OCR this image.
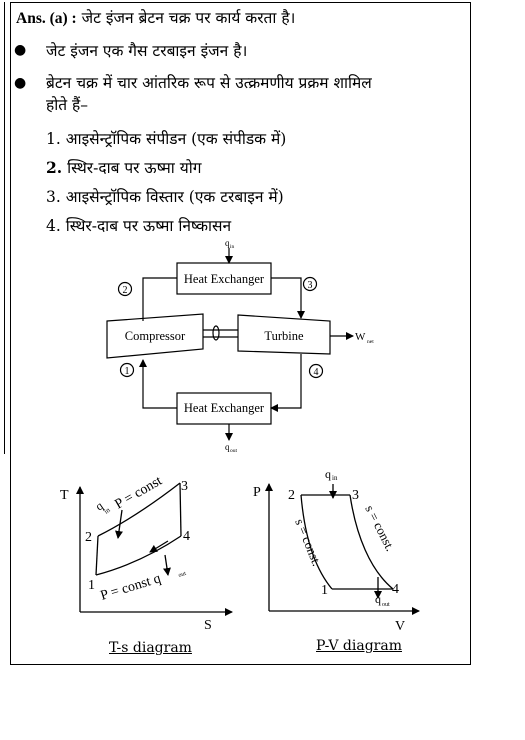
Ans. (a) : जेट इंजन ब्रेटन चक्र पर कार्य करता है।
● जेट इंजन एक गैस टरबाइन इंजन है।
● ब्रेटन चक्र में चार आंतरिक रूप से उत्क्रमणीय प्रक्रम शामिल
होते हैं–
1. आइसेन्ट्रॉपिक संपीडन (एक संपीडक में)
2. स्थिर-दाब पर ऊष्मा योग
3. आइसेन्ट्रॉपिक विस्तार (एक टरबाइन में)
4. स्थिर-दाब पर ऊष्मा निष्कासन
Heat Exchanger
Heat Exchanger
Compressor	Turbine
q in
q out
W net
1
2	3
4
T
S
1
2
3
4
P = const
q
in
P = const q	out
P
V
1
2	3
4
s = const.	s = const.
q in
q out
T-s diagram	P-V diagram
